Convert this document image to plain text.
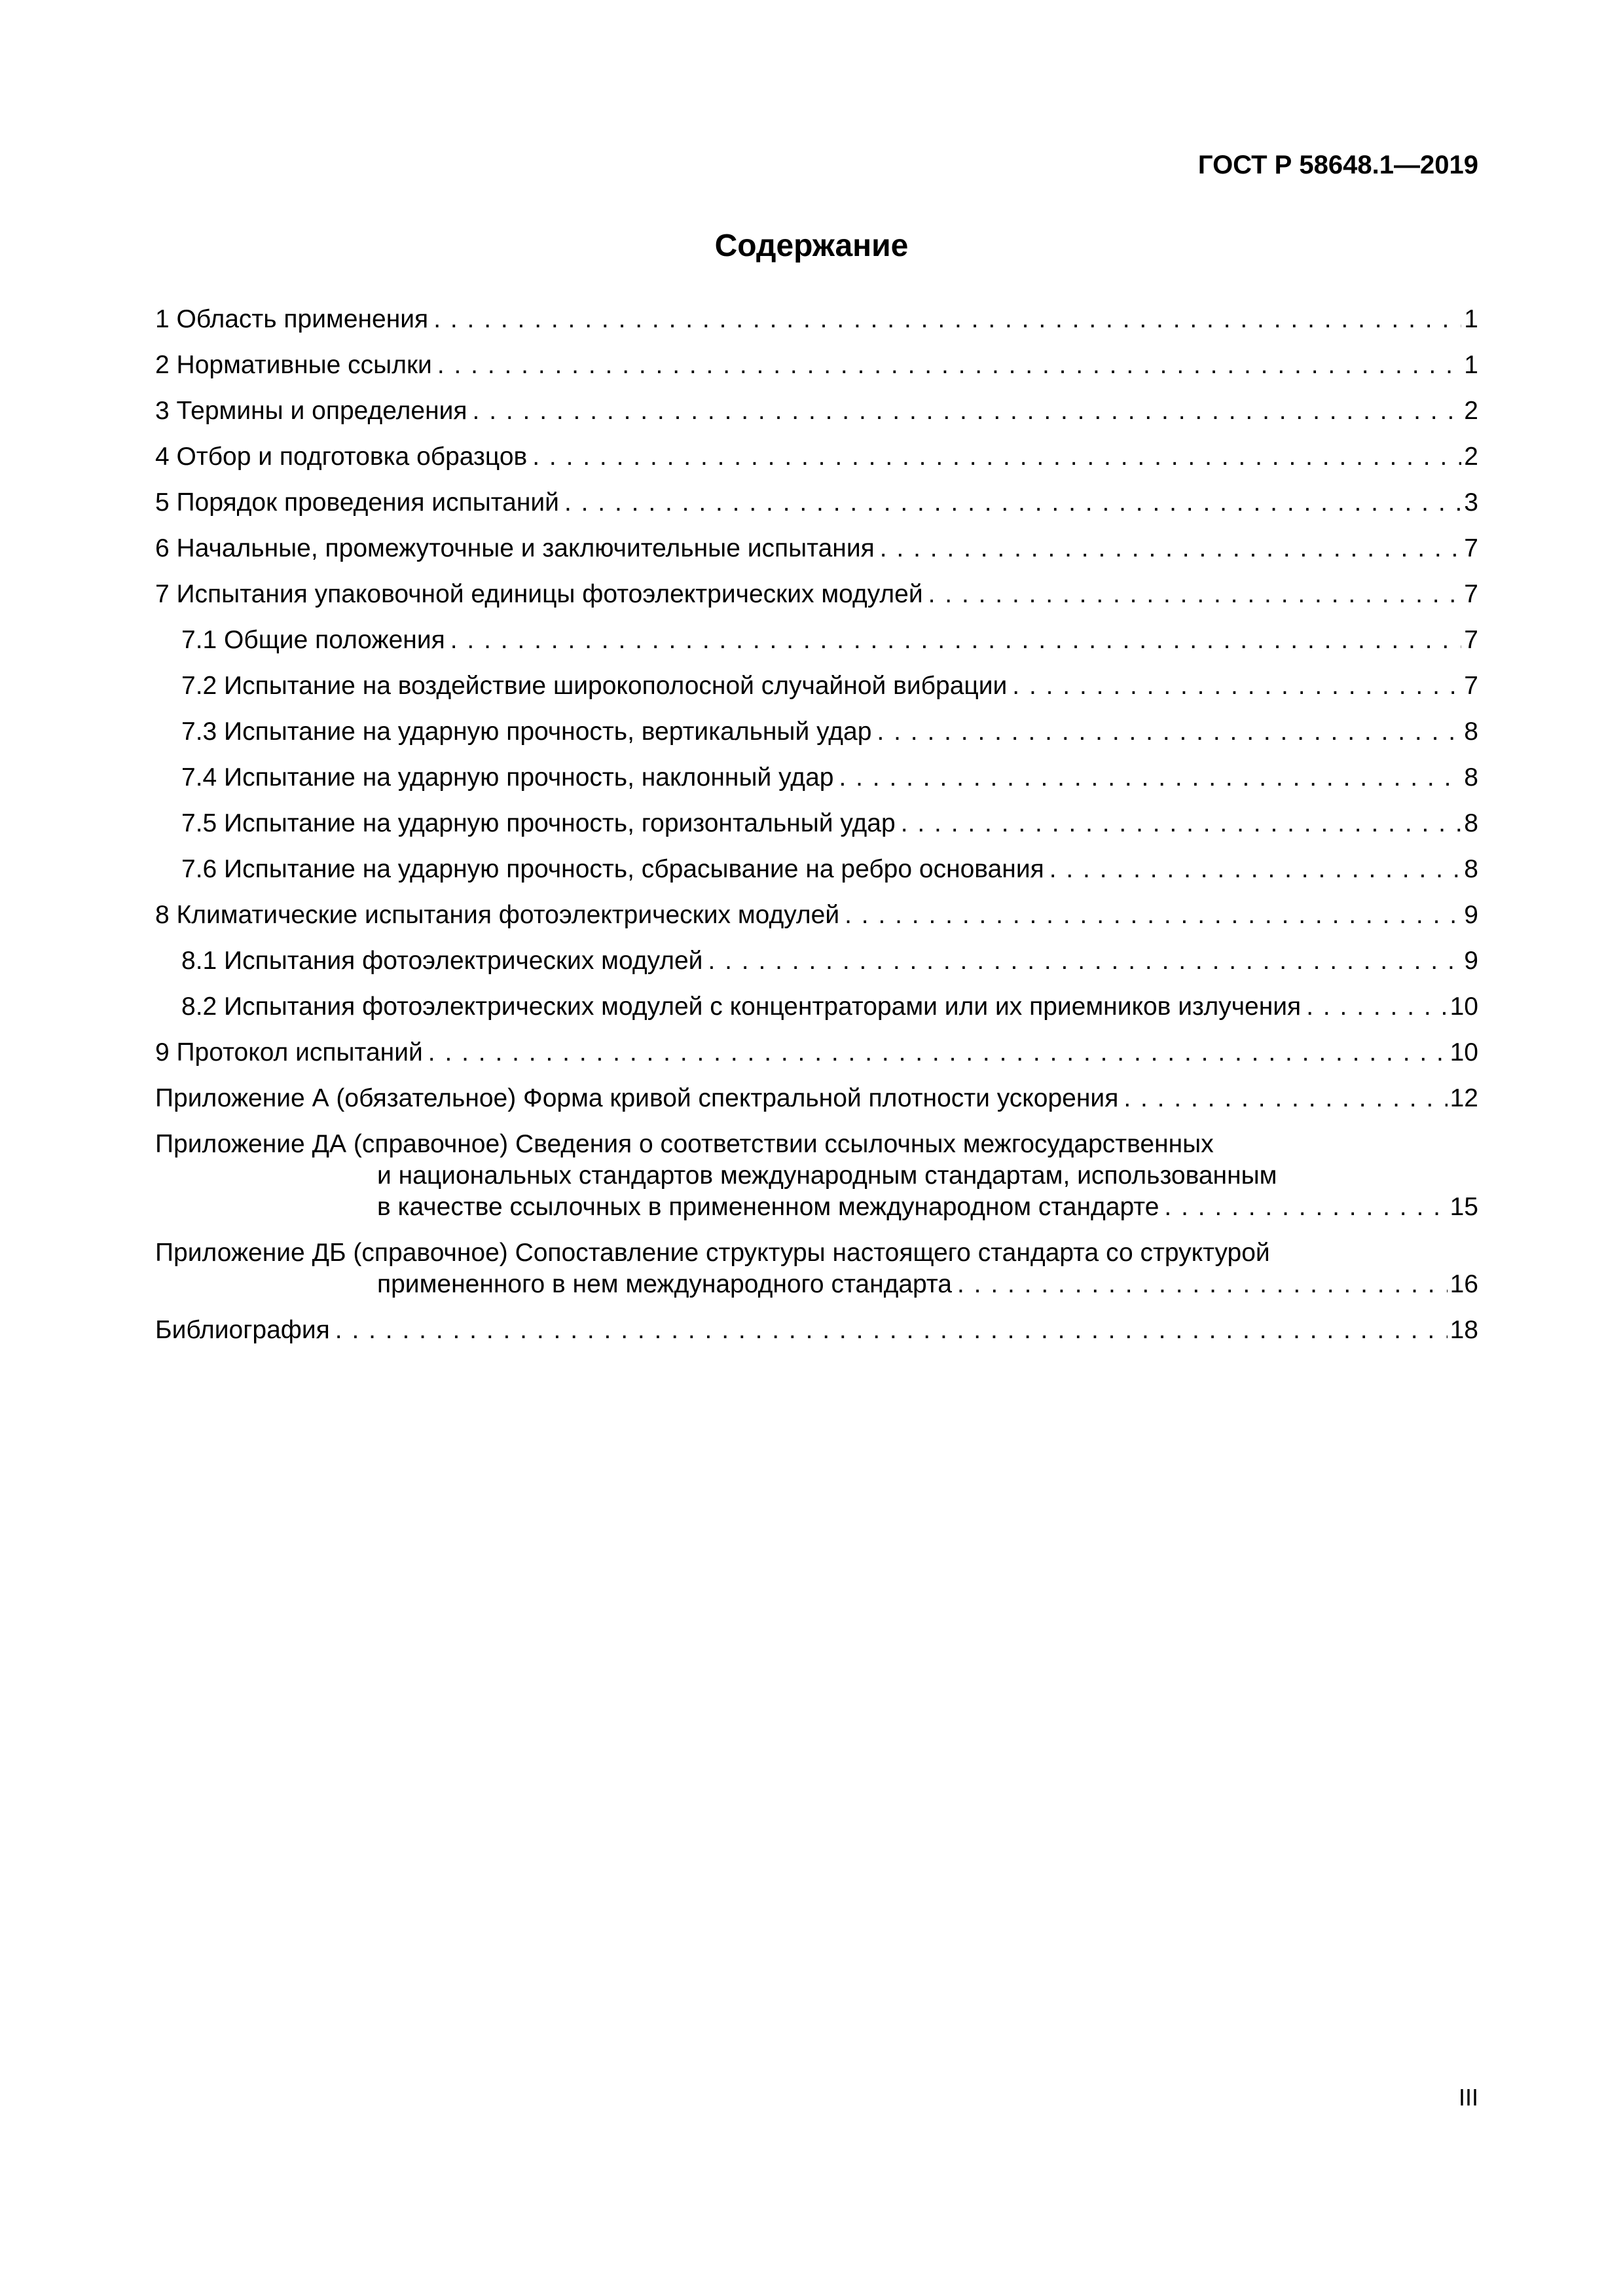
ГОСТ Р 58648.1—2019
Содержание
1 Область применения . . .	1
2 Нормативные ссылки . . .	1
3 Термины и определения . . .	2
4 Отбор и подготовка образцов . . .	2
5 Порядок проведения испытаний . . .	3
6 Начальные, промежуточные и заключительные испытания . . .	7
7 Испытания упаковочной единицы фотоэлектрических модулей . . .	7
7.1 Общие положения . . .	7
7.2 Испытание на воздействие широкополосной случайной вибрации . . .	7
7.3 Испытание на ударную прочность, вертикальный удар . . .	8
7.4 Испытание на ударную прочность, наклонный удар . . .	8
7.5 Испытание на ударную прочность, горизонтальный удар . . .	8
7.6 Испытание на ударную прочность, сбрасывание на ребро основания . . .	8
8 Климатические испытания фотоэлектрических модулей . . .	9
8.1 Испытания фотоэлектрических модулей . . .	9
8.2 Испытания фотоэлектрических модулей с концентраторами или их приемников излучения . . .	10
9 Протокол испытаний . . .	10
Приложение А (обязательное) Форма кривой спектральной плотности ускорения . . .	12
Приложение ДА (справочное) Сведения о соответствии ссылочных межгосударственных
и национальных стандартов международным стандартам, использованным
в качестве ссылочных в примененном международном стандарте . . .	15
Приложение ДБ (справочное) Сопоставление структуры настоящего стандарта со структурой
примененного в нем международного стандарта . . .	16
Библиография . . .	18
III
